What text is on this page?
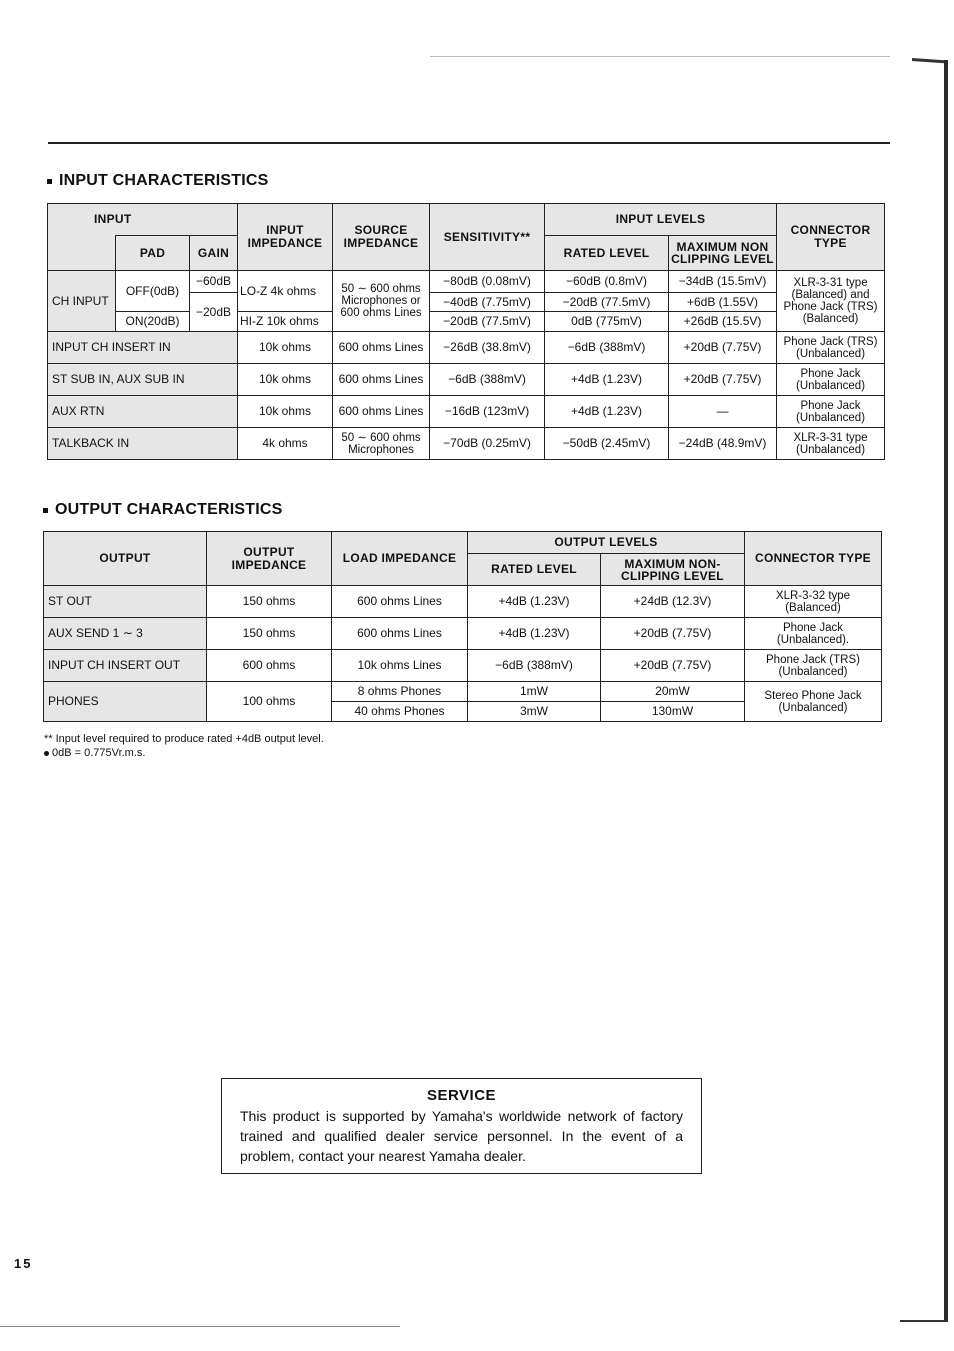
INPUT CHARACTERISTICS
INPUT			INPUT IMPEDANCE	SOURCE IMPEDANCE	SENSITIVITY**	INPUT LEVELS		CONNECTOR TYPE
	PAD	GAIN				RATED LEVEL	MAXIMUM NON CLIPPING LEVEL	
CH INPUT	OFF(0dB)	−60dB	LO-Z 4k ohms	50 ∼ 600 ohms Microphones or 600 ohms Lines	−80dB (0.08mV)	−60dB (0.8mV)	−34dB (15.5mV)	XLR-3-31 type (Balanced) and Phone Jack (TRS) (Balanced)
		−20dB			−40dB (7.75mV)	−20dB (77.5mV)	+6dB (1.55V)	
	ON(20dB)		HI-Z 10k ohms		−20dB (77.5mV)	0dB (775mV)	+26dB (15.5V)	
INPUT CH INSERT IN			10k ohms	600 ohms Lines	−26dB (38.8mV)	−6dB (388mV)	+20dB (7.75V)	Phone Jack (TRS) (Unbalanced)
ST SUB IN, AUX SUB IN			10k ohms	600 ohms Lines	−6dB (388mV)	+4dB (1.23V)	+20dB (7.75V)	Phone Jack (Unbalanced)
AUX RTN			10k ohms	600 ohms Lines	−16dB (123mV)	+4dB (1.23V)	—	Phone Jack (Unbalanced)
TALKBACK IN			4k ohms	50 ∼ 600 ohms Microphones	−70dB (0.25mV)	−50dB (2.45mV)	−24dB (48.9mV)	XLR-3-31 type (Unbalanced)
OUTPUT CHARACTERISTICS
OUTPUT	OUTPUT IMPEDANCE	LOAD IMPEDANCE	OUTPUT LEVELS		CONNECTOR TYPE
			RATED LEVEL	MAXIMUM NON-CLIPPING LEVEL	
ST OUT	150 ohms	600 ohms Lines	+4dB (1.23V)	+24dB (12.3V)	XLR-3-32 type (Balanced)
AUX SEND 1 ∼ 3	150 ohms	600 ohms Lines	+4dB (1.23V)	+20dB (7.75V)	Phone Jack (Unbalanced).
INPUT CH INSERT OUT	600 ohms	10k ohms Lines	−6dB (388mV)	+20dB (7.75V)	Phone Jack (TRS) (Unbalanced)
PHONES	100 ohms	8 ohms Phones	1mW	20mW	Stereo Phone Jack (Unbalanced)
		40 ohms Phones	3mW	130mW	
** Input level required to produce rated +4dB output level.
0dB = 0.775Vr.m.s.
SERVICE
This product is supported by Yamaha's worldwide network of factory trained and qualified dealer service personnel. In the event of a problem, contact your nearest Yamaha dealer.
15
